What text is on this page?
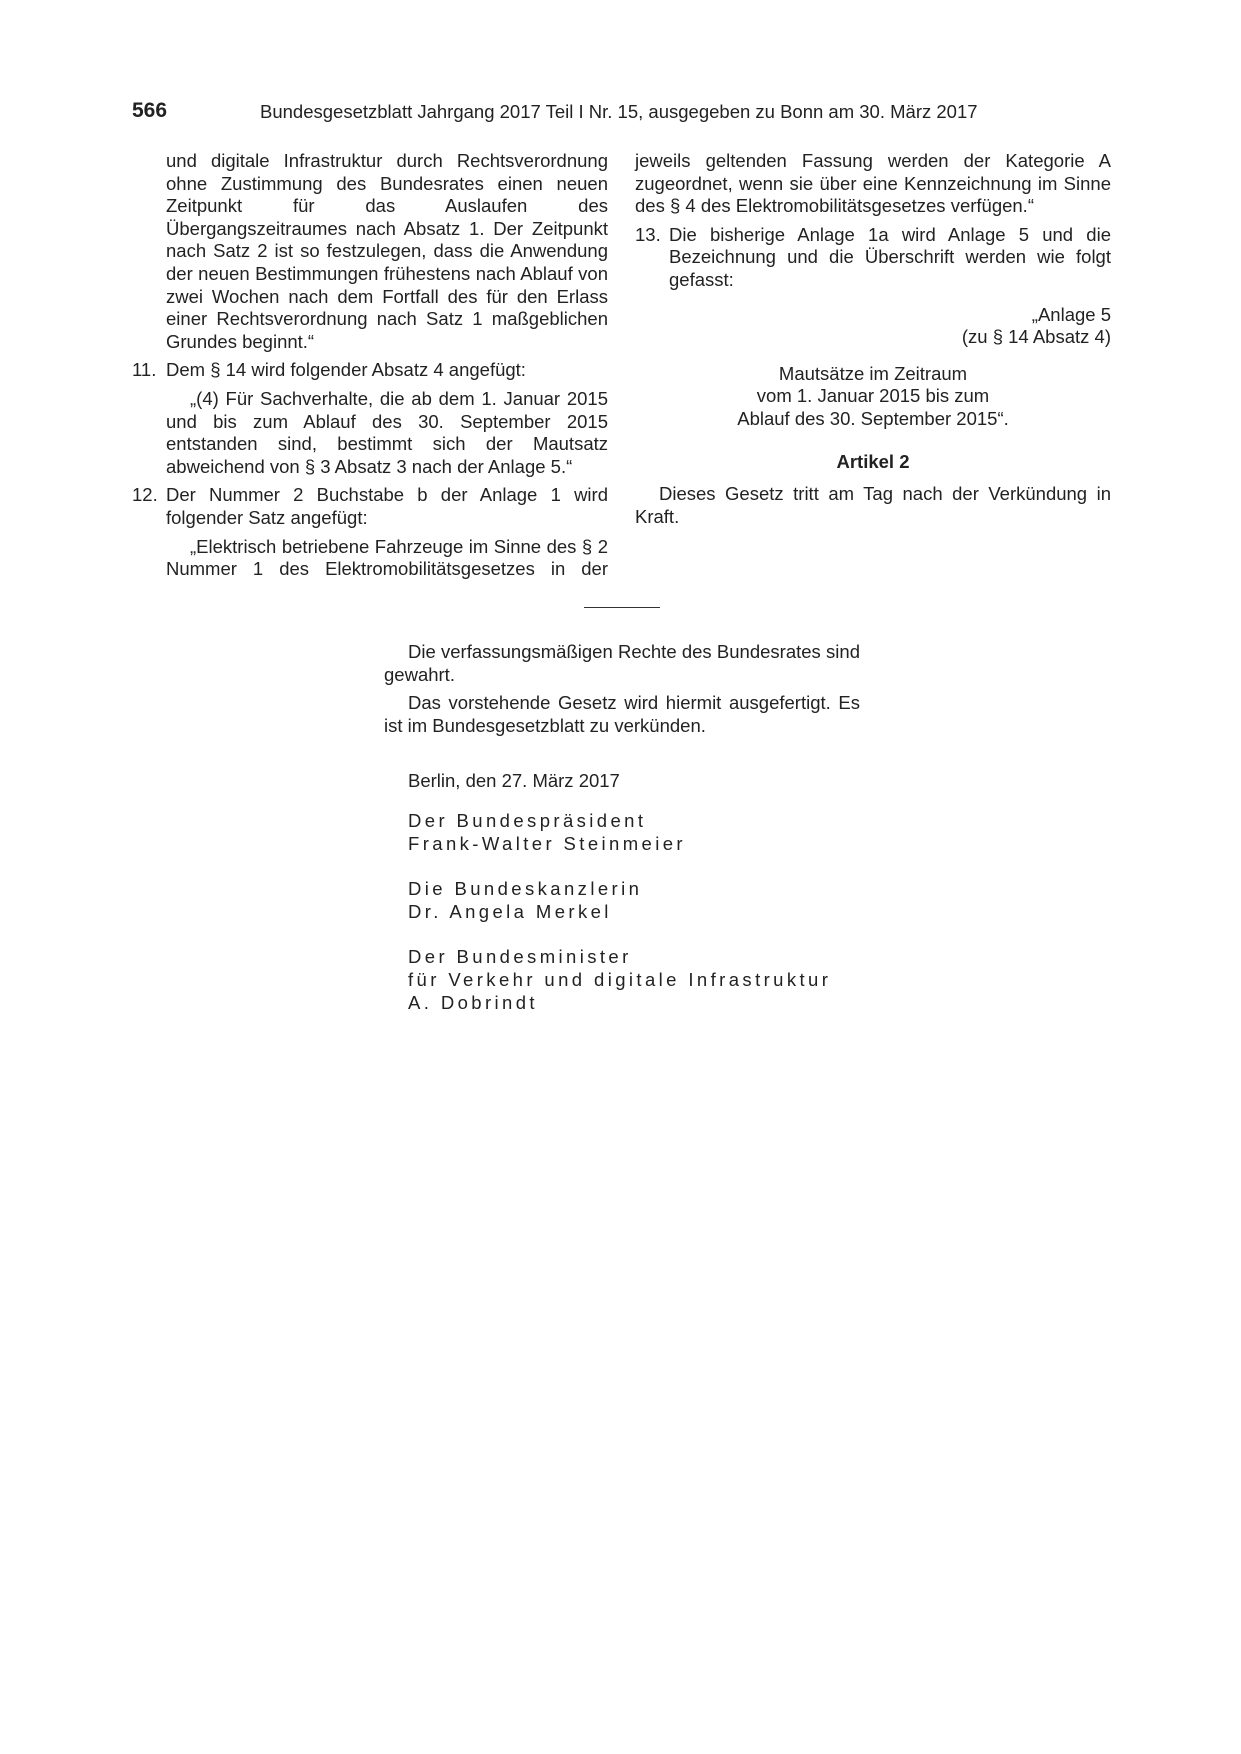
566	Bundesgesetzblatt Jahrgang 2017 Teil I Nr. 15, ausgegeben zu Bonn am 30. März 2017

und digitale Infrastruktur durch Rechtsverordnung ohne Zustimmung des Bundesrates einen neuen Zeitpunkt für das Auslaufen des Übergangszeitraumes nach Absatz 1. Der Zeitpunkt nach Satz 2 ist so festzulegen, dass die Anwendung der neuen Bestimmungen frühestens nach Ablauf von zwei Wochen nach dem Fortfall des für den Erlass einer Rechtsverordnung nach Satz 1 maßgeblichen Grundes beginnt.“

11. Dem § 14 wird folgender Absatz 4 angefügt:

„(4) Für Sachverhalte, die ab dem 1. Januar 2015 und bis zum Ablauf des 30. September 2015 entstanden sind, bestimmt sich der Mautsatz abweichend von § 3 Absatz 3 nach der Anlage 5.“

12. Der Nummer 2 Buchstabe b der Anlage 1 wird folgender Satz angefügt:

„Elektrisch betriebene Fahrzeuge im Sinne des § 2 Nummer 1 des Elektromobilitätsgesetzes in der

jeweils geltenden Fassung werden der Kategorie A zugeordnet, wenn sie über eine Kennzeichnung im Sinne des § 4 des Elektromobilitätsgesetzes verfügen.“

13. Die bisherige Anlage 1a wird Anlage 5 und die Bezeichnung und die Überschrift werden wie folgt gefasst:

„Anlage 5

(zu § 14 Absatz 4)

Mautsätze im Zeitraum

vom 1. Januar 2015 bis zum

Ablauf des 30. September 2015“.

Artikel 2

Dieses Gesetz tritt am Tag nach der Verkündung in Kraft.

Die verfassungsmäßigen Rechte des Bundesrates sind gewahrt.

Das vorstehende Gesetz wird hiermit ausgefertigt. Es ist im Bundesgesetzblatt zu verkünden.

Berlin, den 27. März 2017

Der Bundespräsident

Frank-Walter Steinmeier

Die Bundeskanzlerin

Dr. Angela Merkel

Der Bundesminister

für Verkehr und digitale Infrastruktur

A. Dobrindt
